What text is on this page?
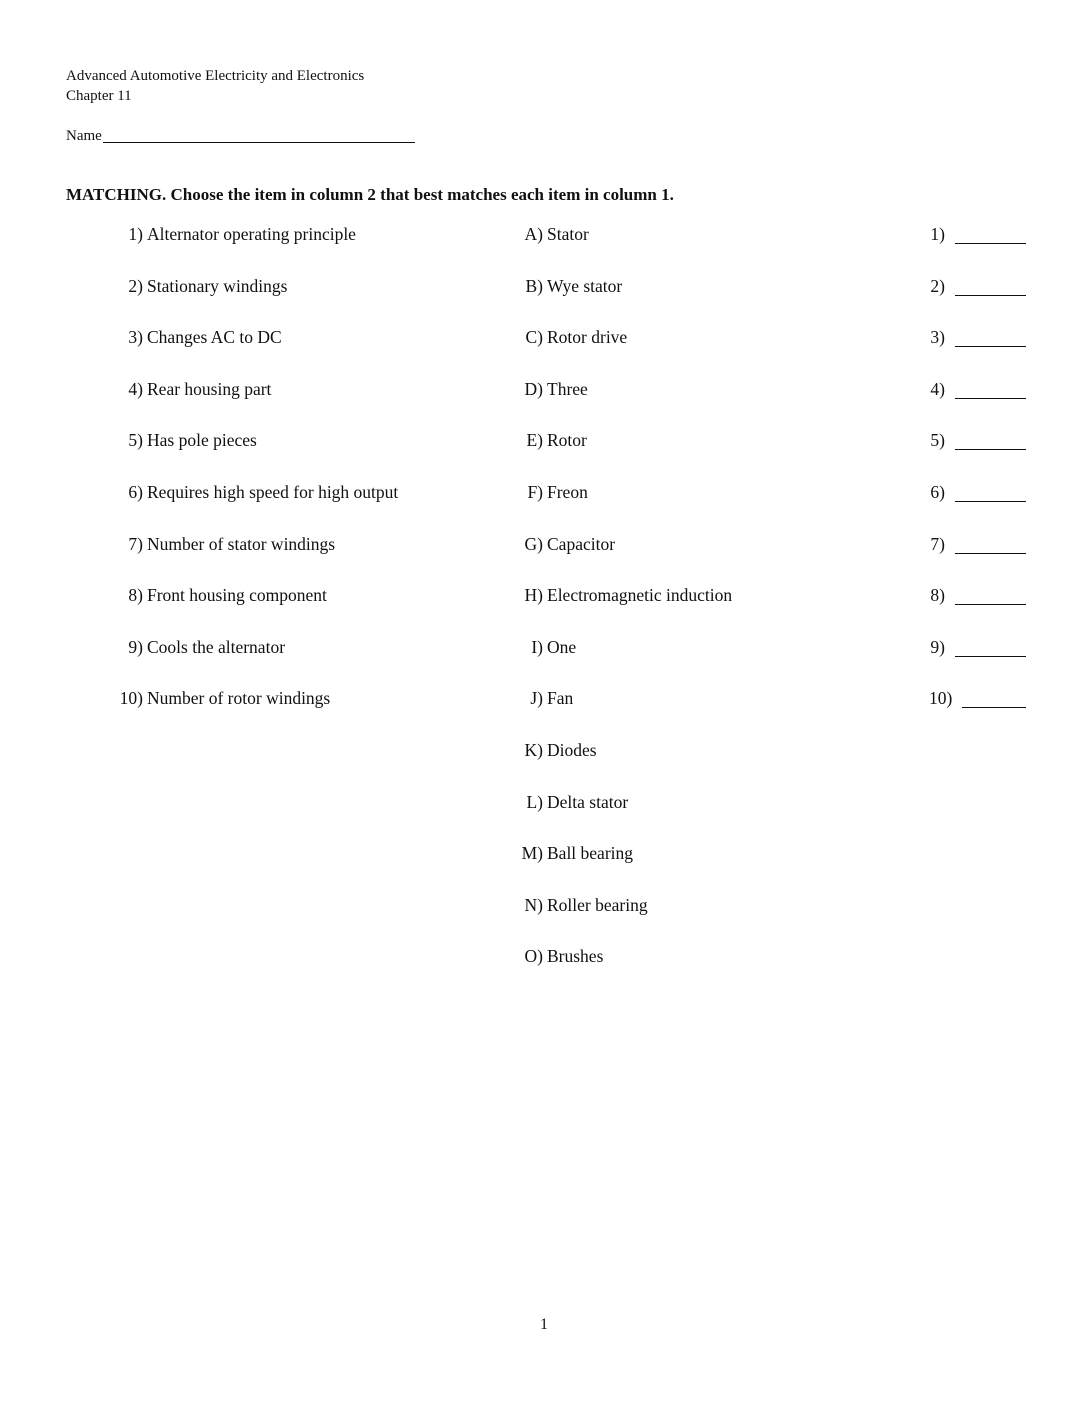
Advanced Automotive Electricity and Electronics
Chapter 11
Name
MATCHING. Choose the item in column 2 that best matches each item in column 1.
1) Alternator operating principle
2) Stationary windings
3) Changes AC to DC
4) Rear housing part
5) Has pole pieces
6) Requires high speed for high output
7) Number of stator windings
8) Front housing component
9) Cools the alternator
10) Number of rotor windings
A) Stator
B) Wye stator
C) Rotor drive
D) Three
E) Rotor
F) Freon
G) Capacitor
H) Electromagnetic induction
I) One
J) Fan
K) Diodes
L) Delta stator
M) Ball bearing
N) Roller bearing
O) Brushes
1)
2)
3)
4)
5)
6)
7)
8)
9)
10)
1
